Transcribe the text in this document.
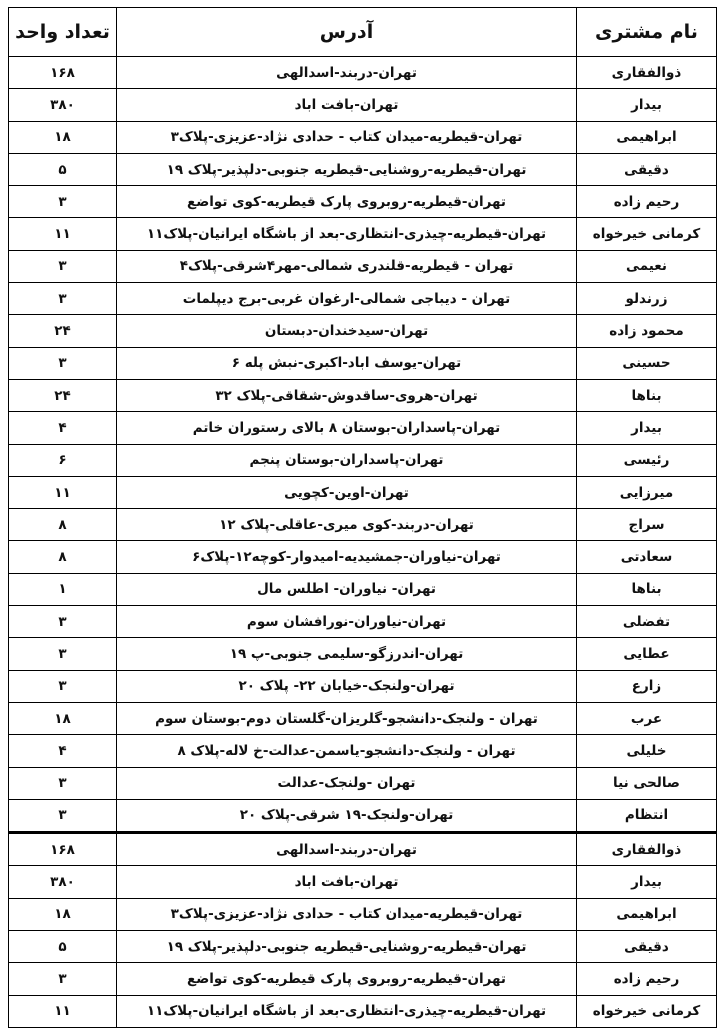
نام مشتری	آدرس	تعداد واحد
ذوالفقاری	تهران-دربند-اسدالهی	۱۶۸
بیدار	تهران-بافت اباد	۳۸۰
ابراهیمی	تهران-قیطریه-میدان کتاب - حدادی نژاد-عزیزی-پلاک۳	۱۸
دقیقی	تهران-قیطریه-روشنایی-قیطریه جنوبی-دلپذیر-پلاک ۱۹	۵
رحیم زاده	تهران-قیطریه-روبروی پارک قیطریه-کوی تواضع	۳
کرمانی خیرخواه	تهران-قیطریه-چیذری-انتظاری-بعد از باشگاه ایرانیان-پلاک۱۱	۱۱
نعیمی	تهران - قیطریه-قلندری شمالی-مهر۴شرقی-پلاک۴	۳
زرندلو	تهران - دیباجی شمالی-ارغوان غربی-برج دیپلمات	۳
محمود زاده	تهران-سیدخندان-دبستان	۲۴
حسینی	تهران-یوسف اباد-اکبری-نبش پله ۶	۳
بناها	تهران-هروی-ساقدوش-شقاقی-پلاک ۳۲	۲۴
بیدار	تهران-پاسداران-بوستان ۸ بالای رستوران خاتم	۴
رئیسی	تهران-پاسداران-بوستان پنجم	۶
میرزایی	تهران-اوین-کچویی	۱۱
سراج	تهران-دربند-کوی میری-عاقلی-پلاک ۱۲	۸
سعادتی	تهران-نیاوران-جمشیدیه-امیدوار-کوچه۱۲-پلاک۶	۸
بناها	تهران- نیاوران- اطلس مال	۱
تفضلی	تهران-نیاوران-نورافشان سوم	۳
عطایی	تهران-اندرزگو-سلیمی جنوبی-پ ۱۹	۳
زارع	تهران-ولنجک-خیابان ۲۲- پلاک ۲۰	۳
عرب	تهران - ولنجک-دانشجو-گلریزان-گلستان دوم-بوستان سوم	۱۸
خلیلی	تهران - ولنجک-دانشجو-یاسمن-عدالت-خ لاله-پلاک ۸	۴
صالحی نیا	تهران -ولنجک-عدالت	۳
انتظام	تهران-ولنجک-۱۹ شرقی-پلاک ۲۰	۳
ذوالفقاری	تهران-دربند-اسدالهی	۱۶۸
بیدار	تهران-بافت اباد	۳۸۰
ابراهیمی	تهران-قیطریه-میدان کتاب - حدادی نژاد-عزیزی-پلاک۳	۱۸
دقیقی	تهران-قیطریه-روشنایی-قیطریه جنوبی-دلپذیر-پلاک ۱۹	۵
رحیم زاده	تهران-قیطریه-روبروی پارک قیطریه-کوی تواضع	۳
کرمانی خیرخواه	تهران-قیطریه-چیذری-انتظاری-بعد از باشگاه ایرانیان-پلاک۱۱	۱۱
